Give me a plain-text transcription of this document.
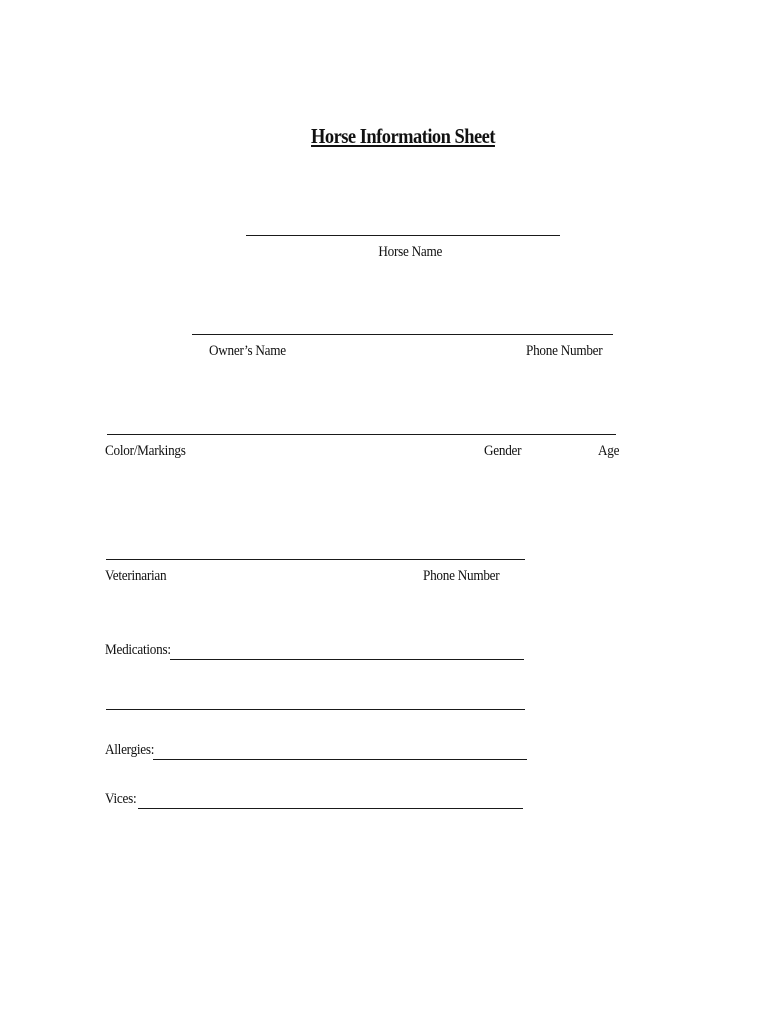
Horse Information Sheet
Horse Name
Owner’s Name	Phone Number
Color/Markings	Gender	Age
Veterinarian	Phone Number
Medications:
Allergies:
Vices:
